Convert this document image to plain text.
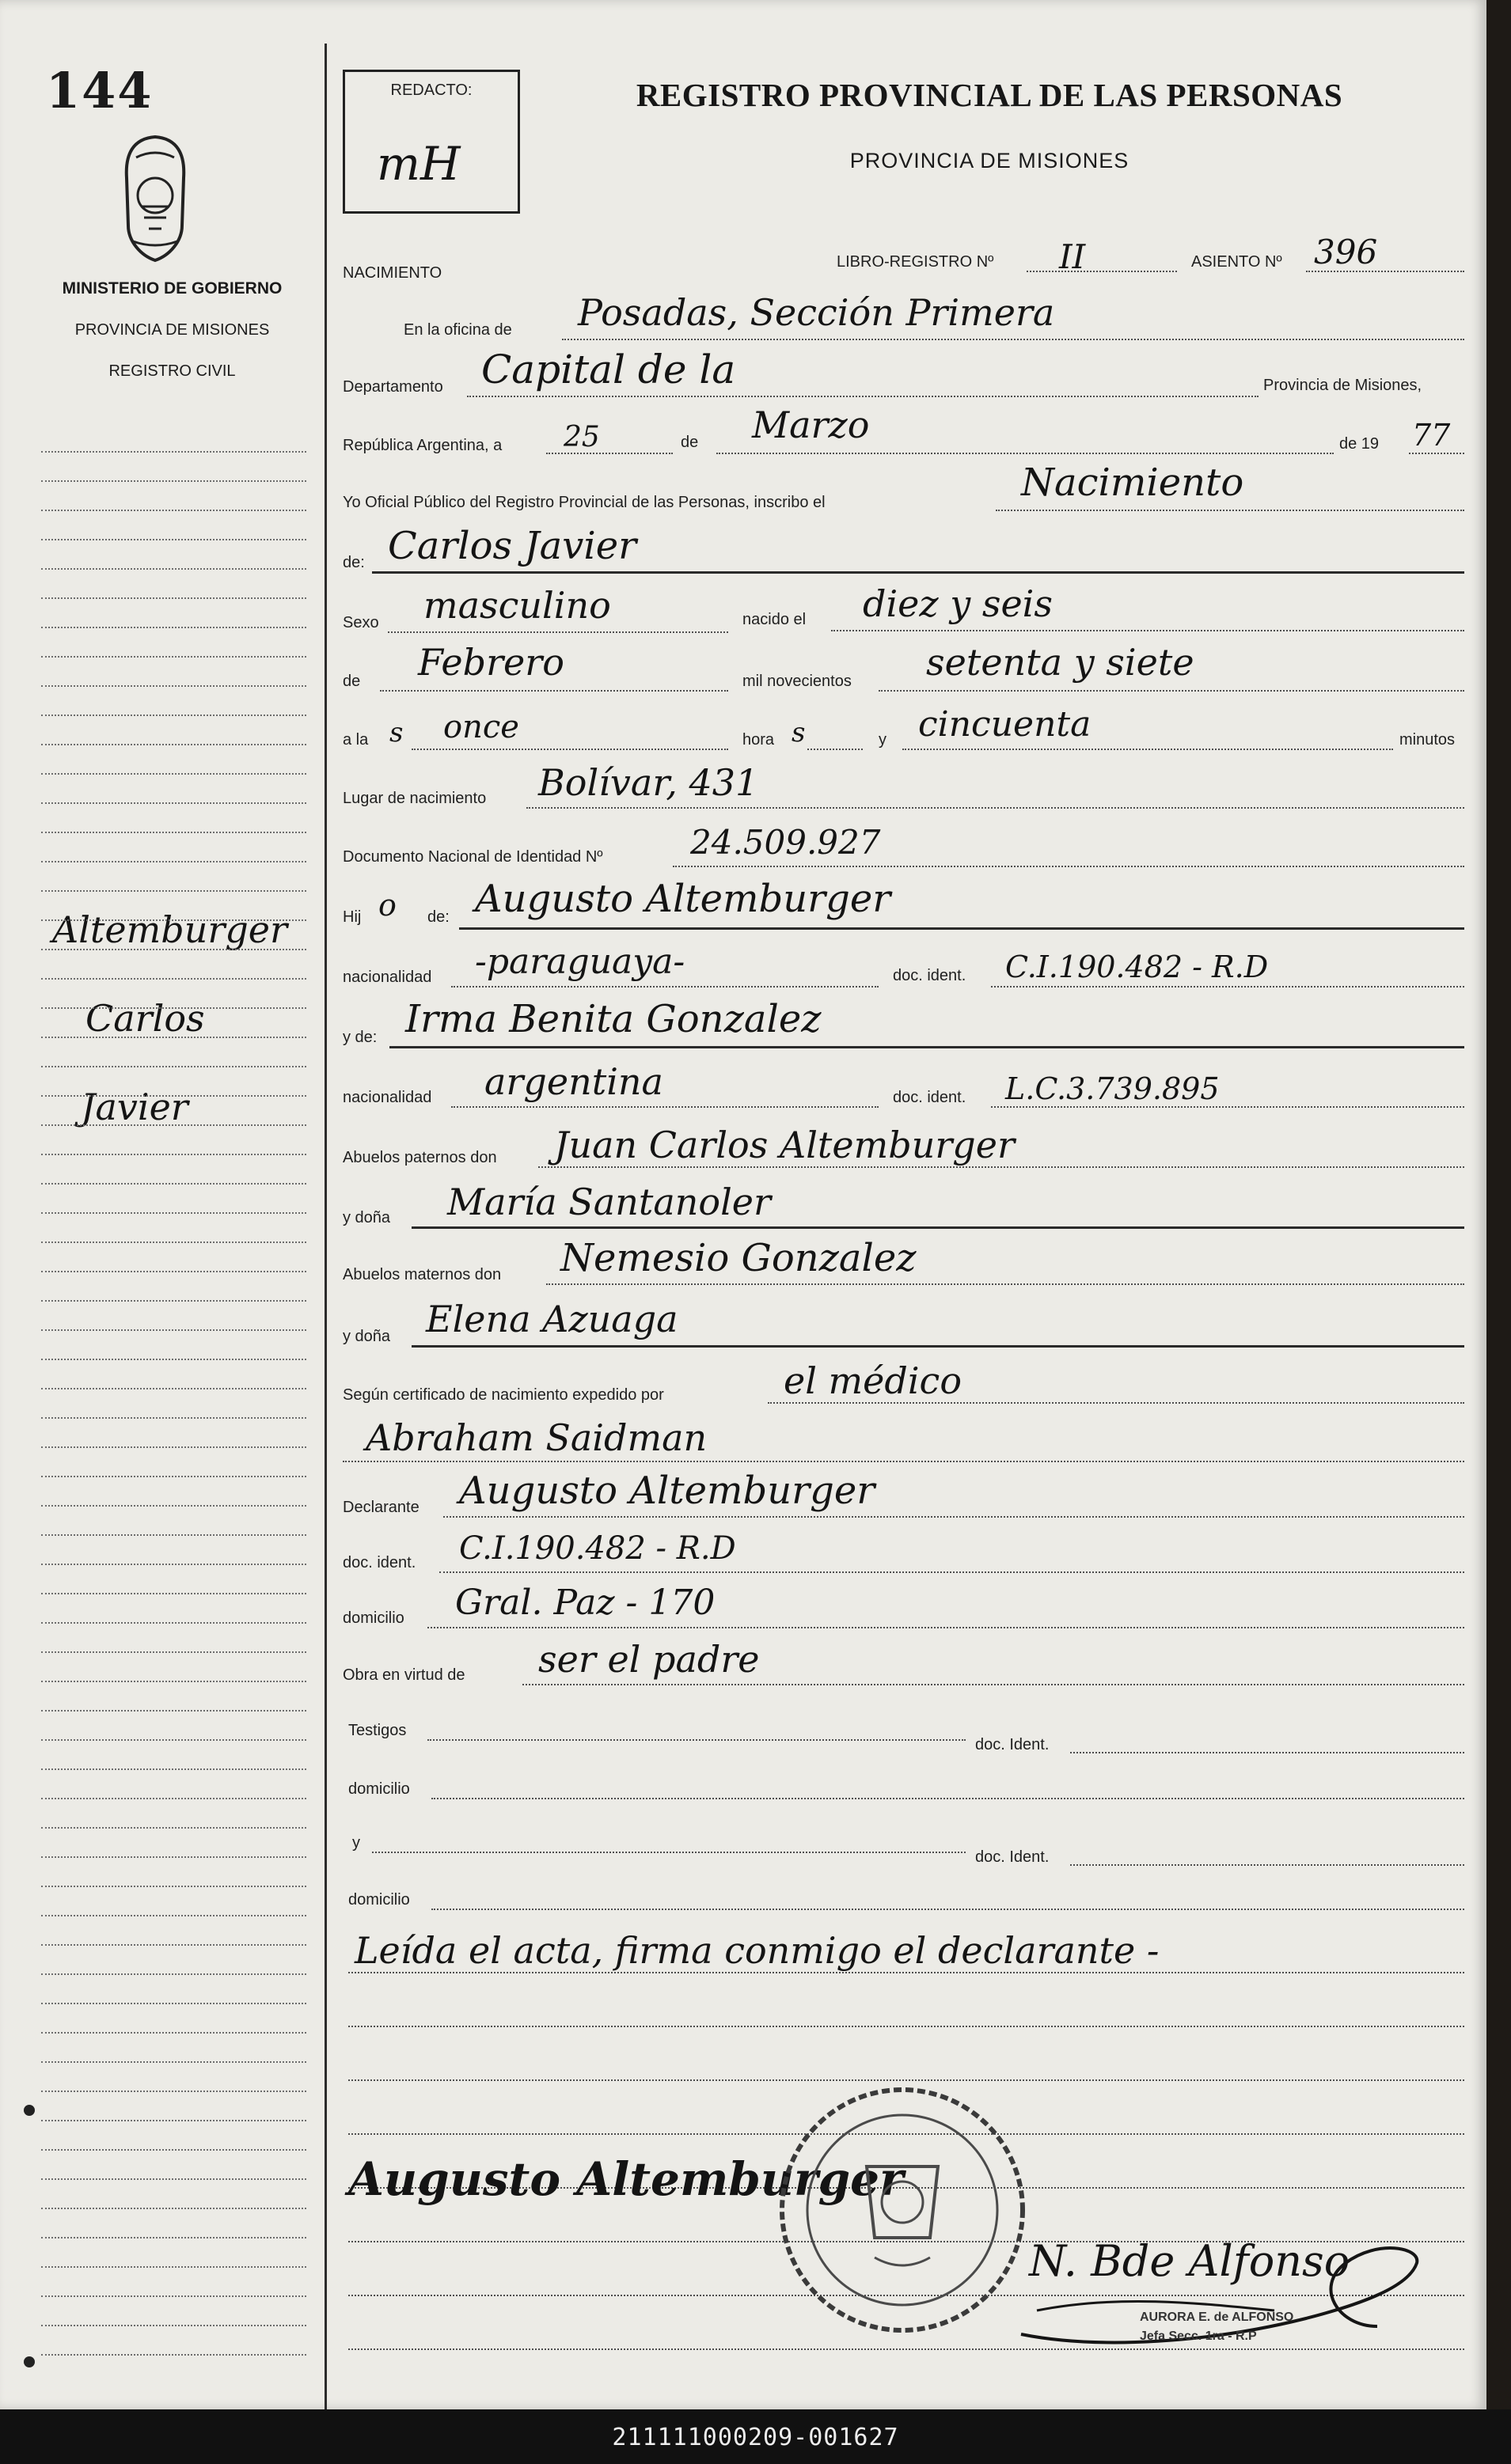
144
MINISTERIO DE GOBIERNO
PROVINCIA DE MISIONES
REGISTRO CIVIL
Altemburger
Carlos
Javier
REDACTO:
mH
REGISTRO PROVINCIAL DE LAS PERSONAS
PROVINCIA DE MISIONES
NACIMIENTO
LIBRO-REGISTRO Nº II	ASIENTO Nº 396
En la oficina de Posadas, Sección Primera
Departamento Capital de la	Provincia de Misiones,
República Argentina, a 25	de Marzo	de 19 77
Yo Oficial Público del Registro Provincial de las Personas, inscribo el	Nacimiento
de: Carlos Javier
Sexo masculino	nacido el diez y seis
de Febrero	mil novecientos setenta y siete
a la s once	hora s	y cincuenta	minutos
Lugar de nacimiento Bolívar, 431
Documento Nacional de Identidad Nº	24.509.927
Hij o de: Augusto Altemburger
nacionalidad -paraguaya-	doc. ident. C.I.190.482 - R.D
y de: Irma Benita Gonzalez
nacionalidad argentina	doc. ident. L.C.3.739.895
Abuelos paternos don Juan Carlos Altemburger
y doña María Santanoler
Abuelos maternos don Nemesio Gonzalez
y doña Elena Azuaga
Según certificado de nacimiento expedido por	el médico
Abraham Saidman
Declarante Augusto Altemburger
doc. ident. C.I.190.482 - R.D
domicilio Gral. Paz - 170
Obra en virtud de ser el padre
Testigos
doc. Ident.
domicilio
y
doc. Ident.
domicilio
Leída el acta, firma conmigo el declarante -
Augusto Altemburger
N. Bde Alfonso
AURORA E. de ALFONSO
Jefa Secc. 1ra - R.P
211111000209-001627
